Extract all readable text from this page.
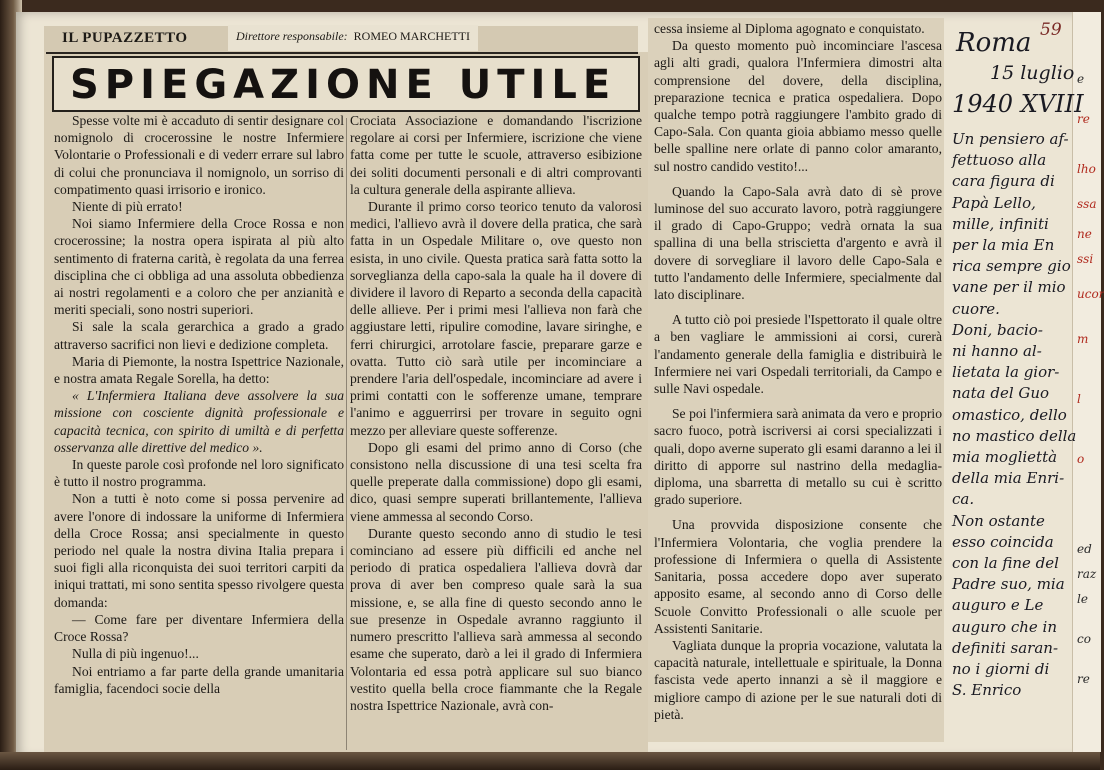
e
re
lho
ssa
ne
ssi
ucor
m
l
o
ed
raz
le
co
re
IL PUPAZZETTO	Direttore responsabile: ROMEO MARCHETTI
SPIEGAZIONE UTILE

Spesse volte mi è accaduto di sentir designare col nomignolo di crocerossine le nostre Infermiere Volontarie o Professionali e di vederr errare sul labro di colui che pronunciava il nomignolo, un sorriso di compatimento quasi irrisorio e ironico.

Niente di più errato!

Noi siamo Infermiere della Croce Rossa e non crocerossine; la nostra opera ispirata al più alto sentimento di fraterna carità, è regolata da una ferrea disciplina che ci obbliga ad una assoluta obbedienza ai nostri regolamenti e a coloro che per anzianità e meriti speciali, sono nostri superiori.

Si sale la scala gerarchica a grado a grado attraverso sacrifici non lievi e dedizione completa.

Maria di Piemonte, la nostra Ispettrice Nazionale, e nostra amata Regale Sorella, ha detto:

« L'Infermiera Italiana deve assolvere la sua missione con cosciente dignità professionale e capacità tecnica, con spirito di umiltà e di perfetta osservanza alle direttive del medico ».

In queste parole così profonde nel loro significato è tutto il nostro programma.

Non a tutti è noto come si possa pervenire ad avere l'onore di indossare la uniforme di Infermiera della Croce Rossa; ansi specialmente in questo periodo nel quale la nostra divina Italia prepara i suoi figli alla riconquista dei suoi territori carpiti da iniqui trattati, mi sono sentita spesso rivolgere questa domanda:

— Come fare per diventare Infermiera della Croce Rossa?

Nulla di più ingenuo!...

Noi entriamo a far parte della grande umanitaria famiglia, facendoci socie della

Crociata Associazione e domandando l'iscrizione regolare ai corsi per Infermiere, iscrizione che viene fatta come per tutte le scuole, attraverso esibizione dei soliti documenti personali e di altri comprovanti la cultura generale della aspirante allieva.

Durante il primo corso teorico tenuto da valorosi medici, l'allievo avrà il dovere della pratica, che sarà fatta in un Ospedale Militare o, ove questo non esista, in uno civile. Questa pratica sarà fatta sotto la sorveglianza della capo-sala la quale ha il dovere di dividere il lavoro di Reparto a seconda della capacità delle allieve. Per i primi mesi l'allieva non farà che aggiustare letti, ripulire comodine, lavare siringhe, e ferri chirurgici, arrotolare fascie, preparare garze e ovatta. Tutto ciò sarà utile per incominciare a prendere l'aria dell'ospedale, incominciare ad avere i primi contatti con le sofferenze umane, temprare l'animo e agguerrirsi per trovare in seguito ogni mezzo per alleviare queste sofferenze.

Dopo gli esami del primo anno di Corso (che consistono nella discussione di una tesi scelta fra quelle preperate dalla commissione) dopo gli esami, dico, quasi sempre superati brillantemente, l'allieva viene ammessa al secondo Corso.

Durante questo secondo anno di studio le tesi cominciano ad essere più difficili ed anche nel periodo di pratica ospedaliera l'allieva dovrà dar prova di aver ben compreso quale sarà la sua missione, e, se alla fine di questo secondo anno le sue presenze in Ospedale avranno raggiunto il numero prescritto l'allieva sarà ammessa al secondo esame che superato, darò a lei il grado di Infermiera Volontaria ed essa potrà applicare sul suo bianco vestito quella bella croce fiammante che la Regale nostra Ispettrice Nazionale, avrà con-

cessa insieme al Diploma agognato e conquistato.

Da questo momento può incominciare l'ascesa agli alti gradi, qualora l'Infermiera dimostri alta comprensione del dovere, della disciplina, preparazione tecnica e pratica ospedaliera. Dopo qualche tempo potrà raggiungere l'ambito grado di Capo-Sala. Con quanta gioia abbiamo messo quelle belle spalline nere orlate di panno color amaranto, sul nostro candido vestito!...

Quando la Capo-Sala avrà dato di sè prove luminose del suo accurato lavoro, potrà raggiungere il grado di Capo-Gruppo; vedrà ornata la sua spallina di una bella striscietta d'argento e avrà il dovere di sorvegliare il lavoro delle Capo-Sala e tutto l'andamento delle Infermiere, specialmente dal lato disciplinare.

A tutto ciò poi presiede l'Ispettorato il quale oltre a ben vagliare le ammissioni ai corsi, curerà l'andamento generale della famiglia e distribuirà le Infermiere nei vari Ospedali territoriali, da Campo e sulle Navi ospedale.

Se poi l'infermiera sarà animata da vero e proprio sacro fuoco, potrà iscriversi ai corsi specializzati i quali, dopo averne superato gli esami daranno a lei il diritto di apporre sul nastrino della medaglia-diploma, una sbarretta di metallo su cui è scritto grado superiore.

Una provvida disposizione consente che l'Infermiera Volontaria, che voglia prendere la professione di Infermiera o quella di Assistente Sanitaria, possa accedere dopo aver superato apposito esame, al secondo anno di Corso delle Scuole Convitto Professionali o alle scuole per Assistenti Sanitarie.

Vagliata dunque la propria vocazione, valutata la capacità naturale, intellettuale e spirituale, la Donna fascista vede aperto innanzi a sè il maggiore e migliore campo di azione per le sue naturali doti di pietà.

59
Roma
15 luglio
1940 XVIII
Un pensiero af-
fettuoso alla
cara figura di
Papà Lello,
mille, infiniti
per la mia En
rica sempre gio
vane per il mio
cuore.
Doni, bacio-
ni hanno al-
lietata la gior-
nata del Guo
omastico, dello
no mastico della
mia mogliettà
della mia Enri-
ca.
Non ostante
esso coincida
con la fine del
Padre suo, mia
auguro e Le
auguro che in
definiti saran-
no i giorni di
S. Enrico
